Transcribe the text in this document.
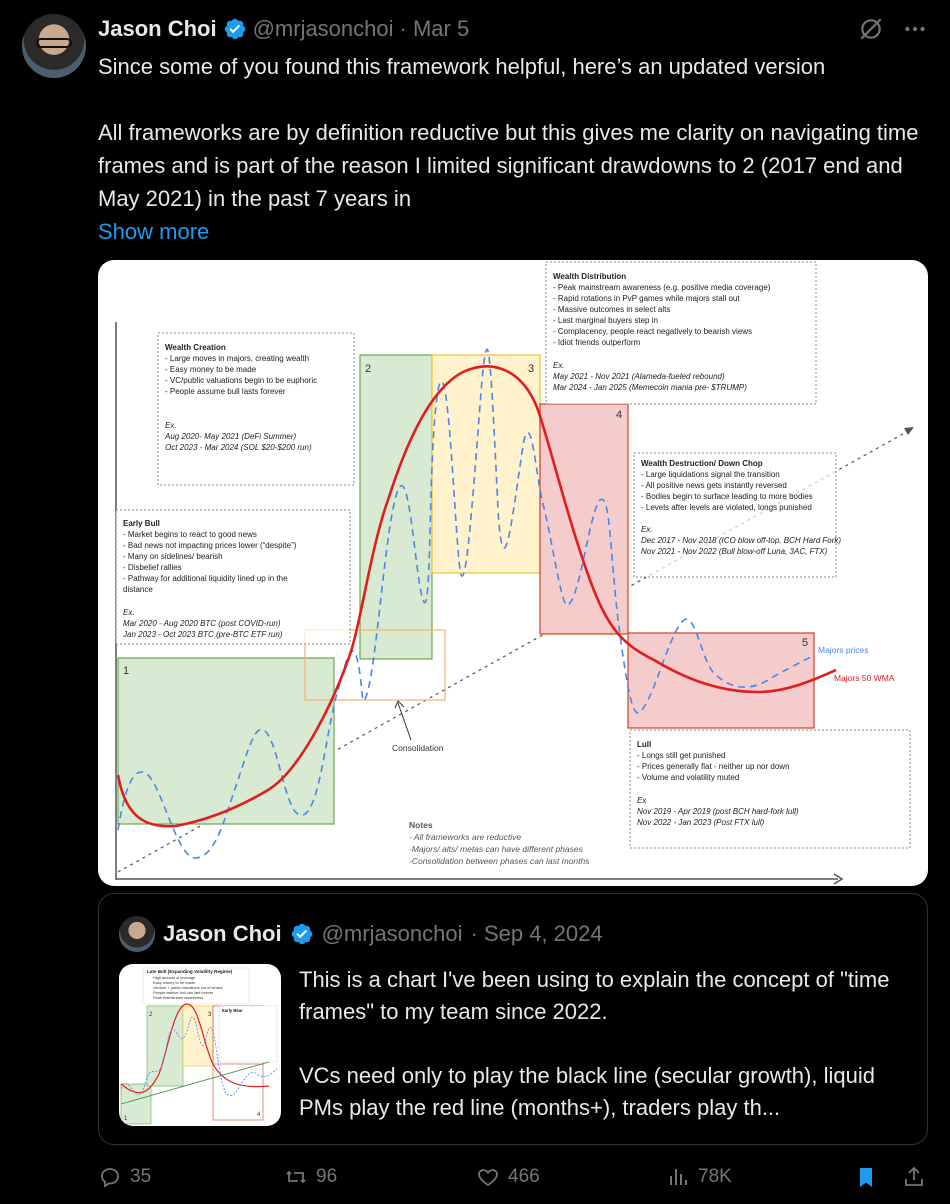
Jason Choi @mrjasonchoi · Mar 5

Since some of you found this framework helpful, here’s an updated version

All frameworks are by definition reductive but this gives me clarity on navigating time frames and is part of the reason I limited significant drawdowns to 2 (2017 end and May 2021) in the past 7 years in

Show more

1
2	3
4
5
Majors prices
Majors 50 WMA
Consolidation
Wealth Creation
- Large moves in majors, creating wealth
- Easy money to be made
- VC/public valuations begin to be euphoric
- People assume bull lasts forever
Ex.
Aug 2020- May 2021 (DeFi Summer)
Oct 2023 - Mar 2024 (SOL $20-$200 run)
Wealth Distribution
- Peak mainstream awareness (e.g. positive media coverage)
- Rapid rotations in PvP games while majors stall out
- Massive outcomes in select alts
- Last marginal buyers step in
- Complacency, people react negatively to bearish views
- Idiot friends outperform
Ex.
May 2021 - Nov 2021 (Alameda-fueled rebound)
Mar 2024 - Jan 2025 (Memecoin mania pre- $TRUMP)
Wealth Destruction/ Down Chop
- Large liquidations signal the transition
- All positive news gets instantly reversed
- Bodies begin to surface leading to more bodies
- Levels after levels are violated, longs punished
Ex.
Dec 2017 - Nov 2018 (ICO blow off-top, BCH Hard Fork)
Nov 2021 - Nov 2022 (Bull blow-off Luna, 3AC, FTX)
Early Bull
- Market begins to react to good news
- Bad news not impacting prices lower (“despite”)
- Many on sidelines/ bearish
- Disbelief rallies
- Pathway for additional liquidity lined up in the
distance
Ex.
Mar 2020 - Aug 2020 BTC (post COVID-run)
Jan 2023 - Oct 2023 BTC (pre-BTC ETF run)
Lull
- Longs still get punished
- Prices generally flat - neither up nor down
- Volume and volatility muted
Ex
Nov 2019 - Apr 2019 (post BCH hard-fork lull)
Nov 2022 - Jan 2023 (Post FTX lull)
Notes
- All frameworks are reductive
-Majors/ alts/ metas can have different phases
-Consolidation between phases can last months
Jason Choi @mrjasonchoi · Sep 4, 2024
Late Bull (Expanding Volatility Regime)
High amount of leverage
Easy money to be made
Venture + public valuations out of whack
People believe bull can last forever
Peak mainstream awareness
Early Bear
1
2	3
4

This is a chart I've been using to explain the concept of "time frames" to my team since 2022.

VCs need only to play the black line (secular growth), liquid PMs play the red line (months+), traders play th...

35	96	466	78K
